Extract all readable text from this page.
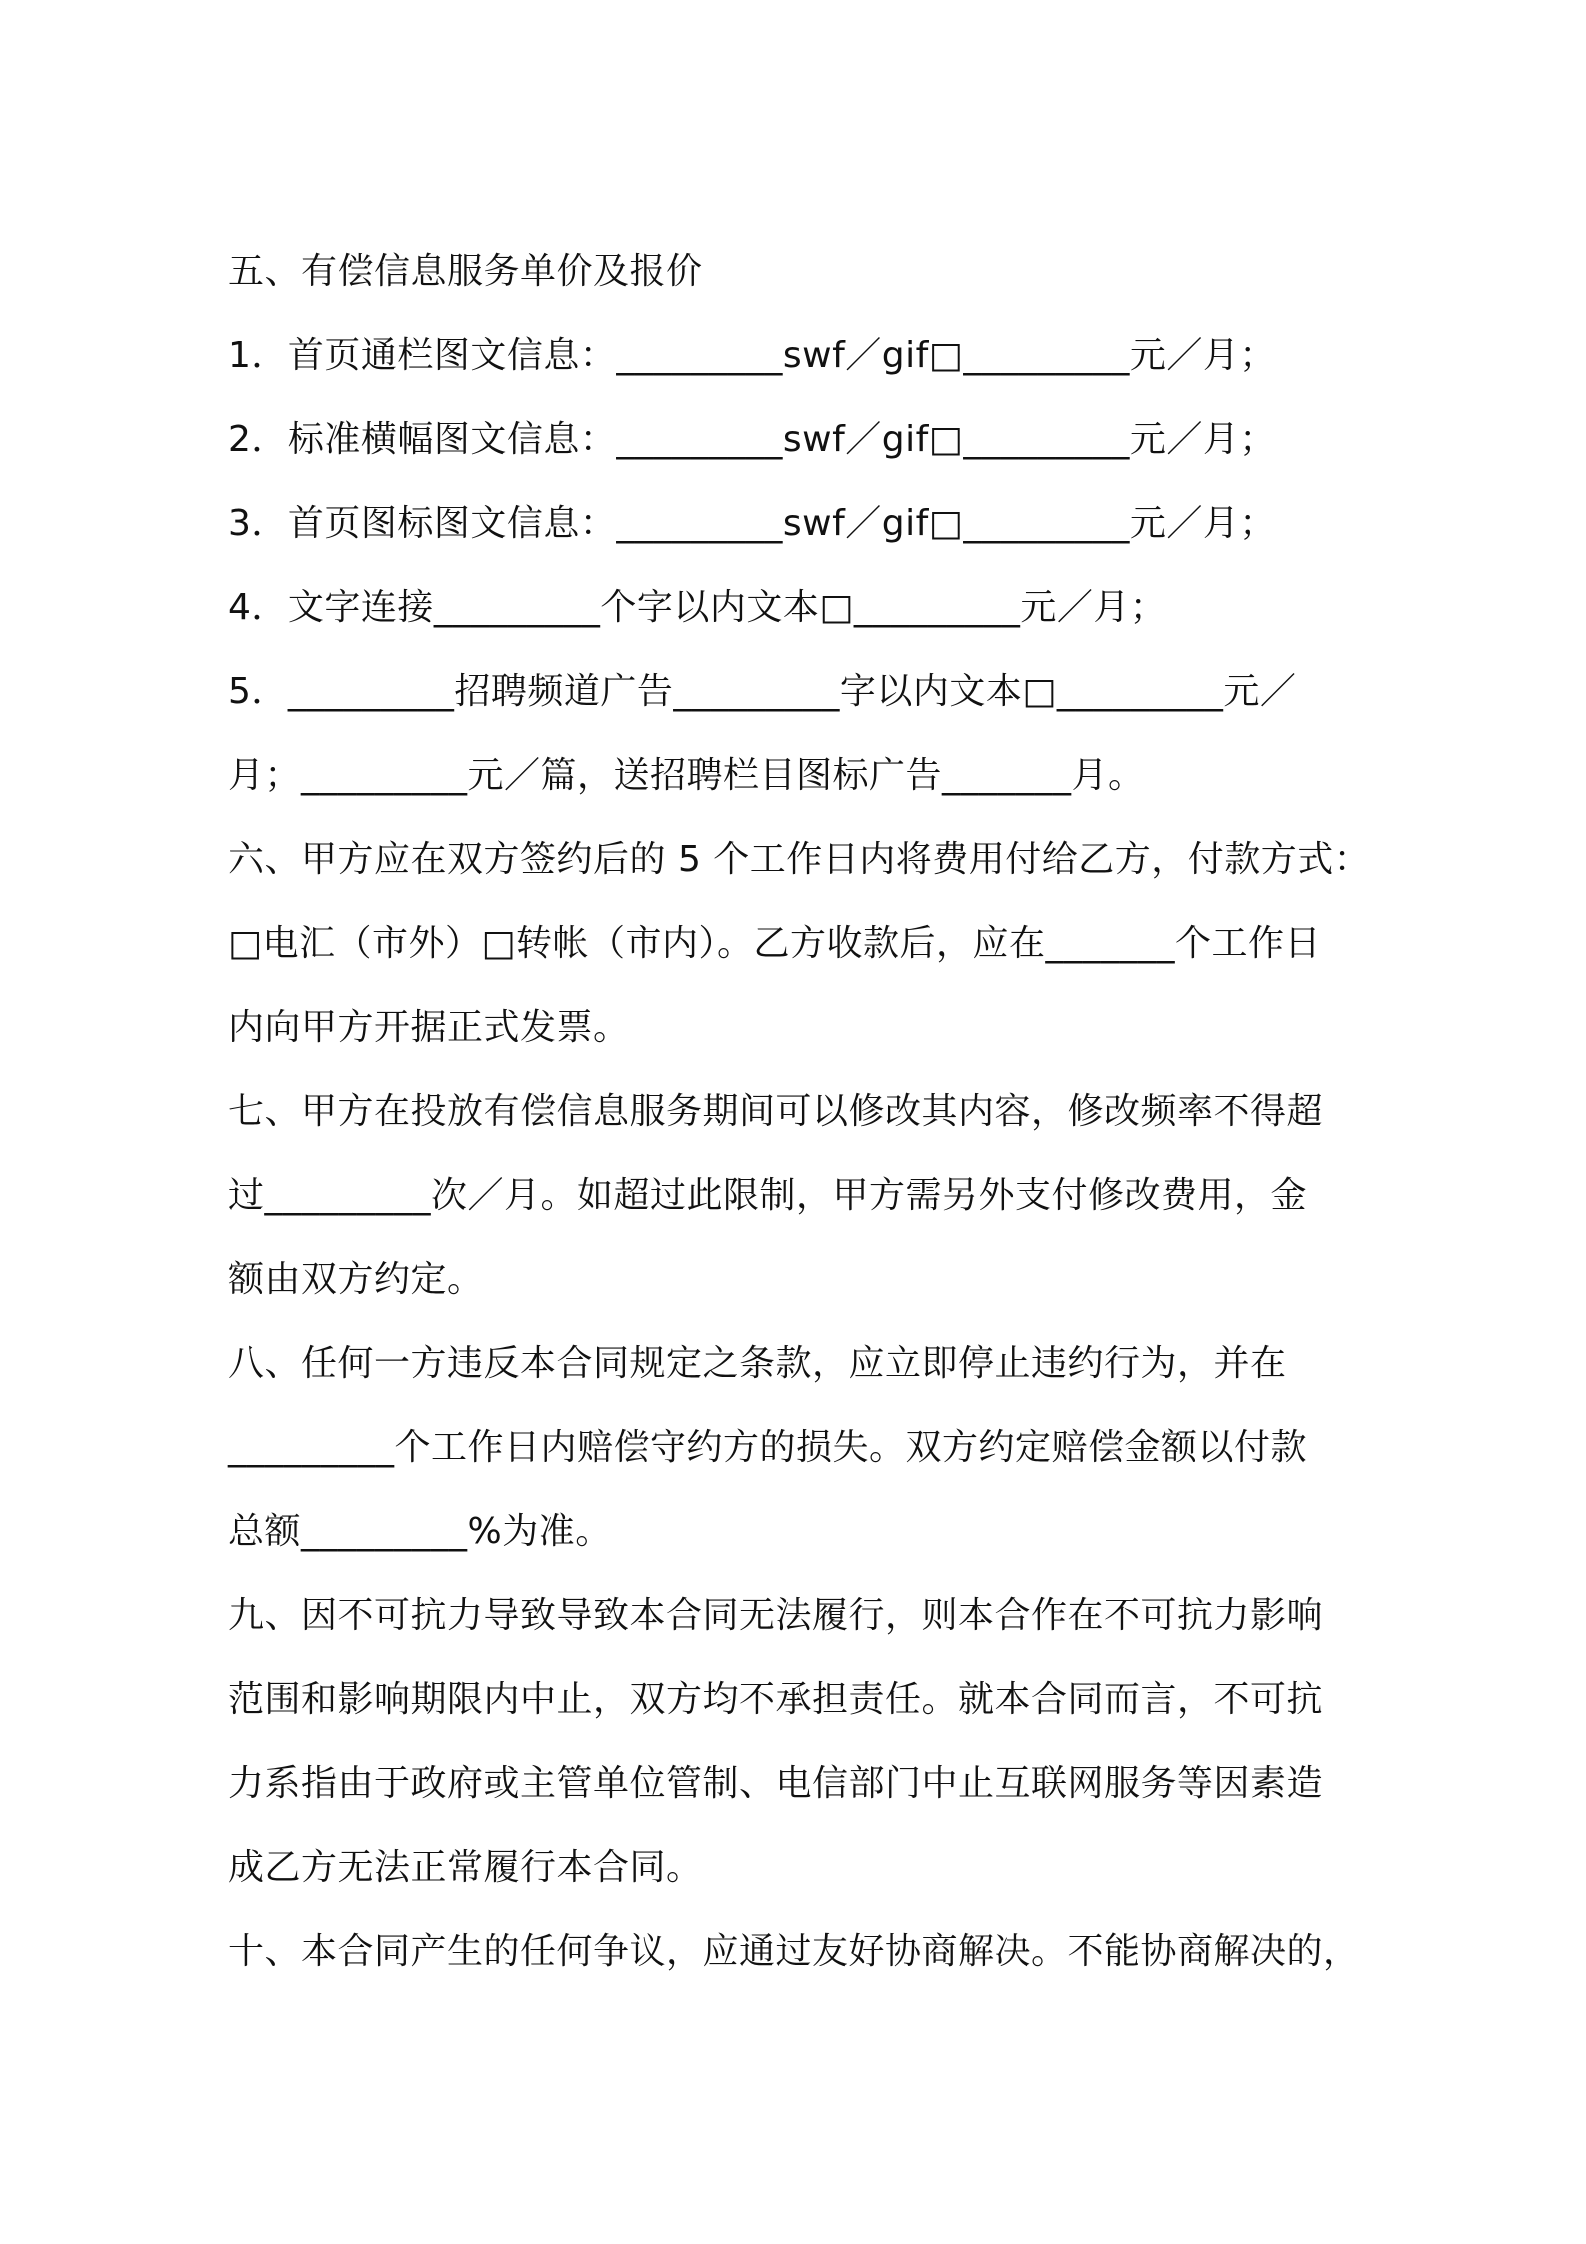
五、有偿信息服务单价及报价
1．首页通栏图文信息：_________swf／gif□_________元／月；
2．标准横幅图文信息：_________swf／gif□_________元／月；
3．首页图标图文信息：_________swf／gif□_________元／月；
4．文字连接_________个字以内文本□_________元／月；
5．_________招聘频道广告_________字以内文本□_________元／
月；_________元／篇，送招聘栏目图标广告_______月。
六、甲方应在双方签约后的 5 个工作日内将费用付给乙方，付款方式：
□电汇（市外）□转帐（市内）。乙方收款后，应在_______个工作日
内向甲方开据正式发票。
七、甲方在投放有偿信息服务期间可以修改其内容，修改频率不得超
过_________次／月。如超过此限制，甲方需另外支付修改费用，金
额由双方约定。
八、任何一方违反本合同规定之条款，应立即停止违约行为，并在
_________个工作日内赔偿守约方的损失。双方约定赔偿金额以付款
总额_________%为准。
九、因不可抗力导致导致本合同无法履行，则本合作在不可抗力影响
范围和影响期限内中止，双方均不承担责任。就本合同而言，不可抗
力系指由于政府或主管单位管制、电信部门中止互联网服务等因素造
成乙方无法正常履行本合同。
十、本合同产生的任何争议，应通过友好协商解决。不能协商解决的，
